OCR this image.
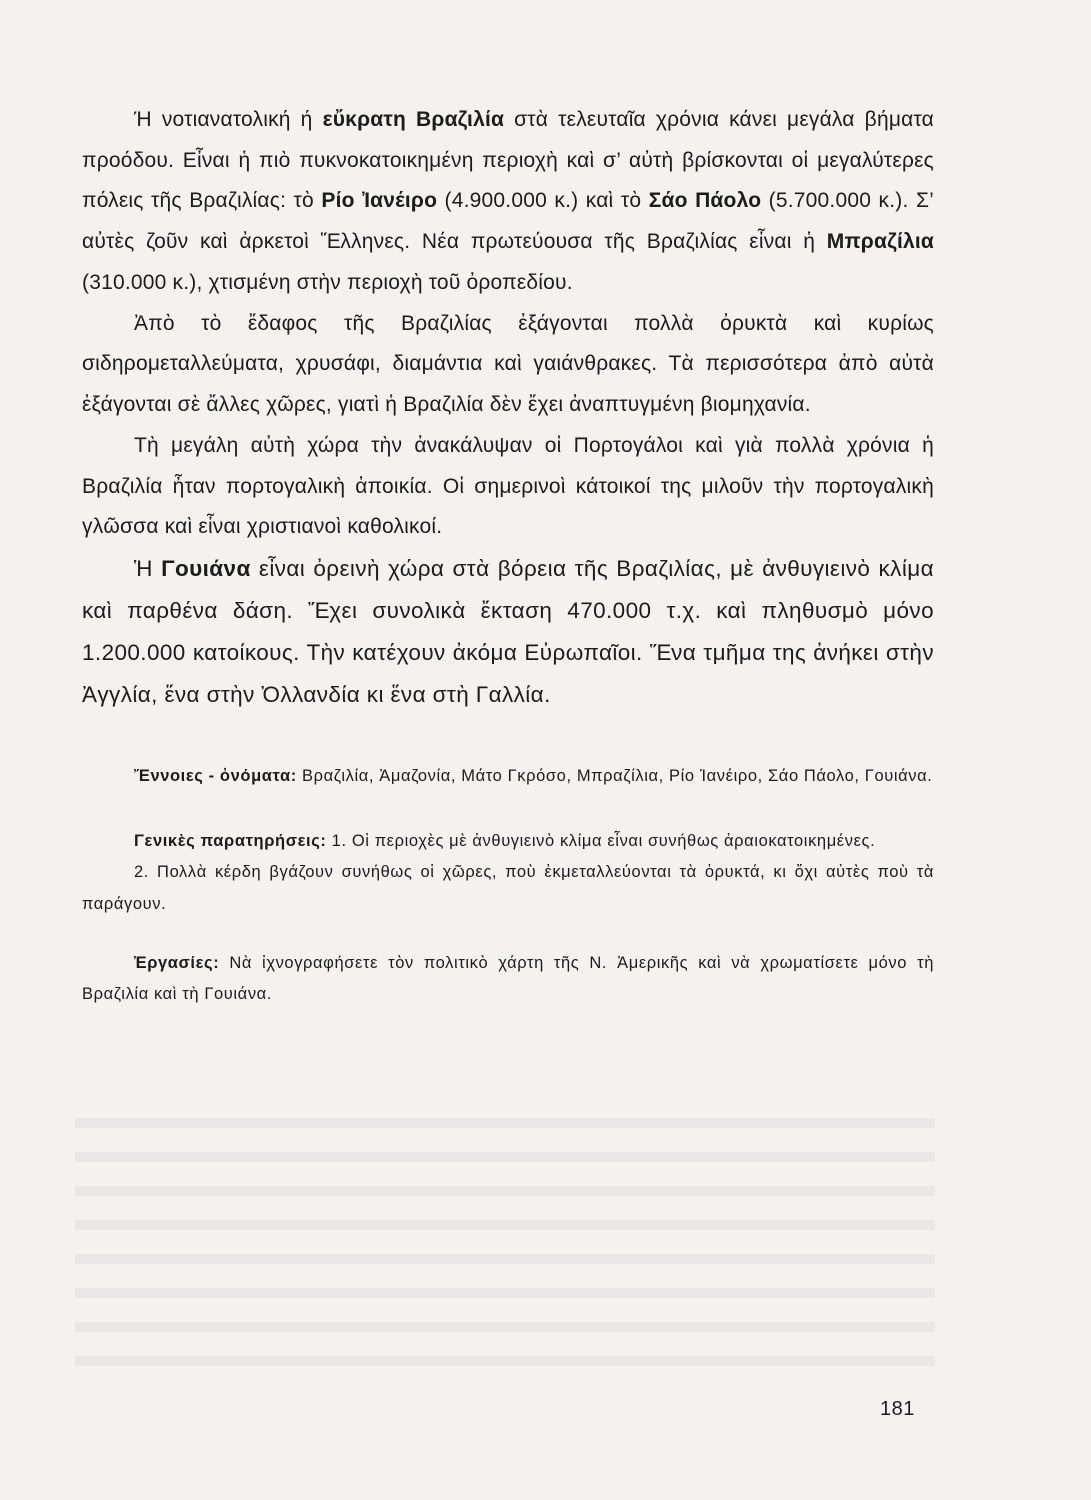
Ή νοτιανατολική ή εὔκρατη Βραζιλία στὰ τελευταῖα χρόνια κάνει μεγάλα βήματα προόδου. Εἶναι ἡ πιὸ πυκνοκατοικημένη περιοχὴ καὶ σ’ αὐτὴ βρίσκονται οἱ μεγαλύτερες πόλεις τῆς Βραζιλίας: τὸ Ρίο Ἰανέιρο (4.900.000 κ.) καὶ τὸ Σάο Πάολο (5.700.000 κ.). Σ’ αὐτὲς ζοῦν καὶ ἀρκετοὶ Ἕλληνες. Νέα πρωτεύουσα τῆς Βραζιλίας εἶναι ἡ Μπραζίλια (310.000 κ.), χτισμένη στὴν περιοχὴ τοῦ ὀροπεδίου.

Ἀπὸ τὸ ἔδαφος τῆς Βραζιλίας ἐξάγονται πολλὰ ὀρυκτὰ καὶ κυρίως σιδηρομεταλλεύματα, χρυσάφι, διαμάντια καὶ γαιάνθρακες. Τὰ περισσότερα ἀπὸ αὐτὰ ἐξάγονται σὲ ἄλλες χῶρες, γιατὶ ἡ Βραζιλία δὲν ἔχει ἀναπτυγμένη βιομηχανία.

Τὴ μεγάλη αὐτὴ χώρα τὴν ἀνακάλυψαν οἱ Πορτογάλοι καὶ γιὰ πολλὰ χρόνια ἡ Βραζιλία ἦταν πορτογαλικὴ ἀποικία. Οἱ σημερινοὶ κάτοικοί της μιλοῦν τὴν πορτογαλικὴ γλῶσσα καὶ εἶναι χριστιανοὶ καθολικοί.

Ἡ Γουιάνα εἶναι ὀρεινὴ χώρα στὰ βόρεια τῆς Βραζιλίας, μὲ ἀνθυγιεινὸ κλίμα καὶ παρθένα δάση. Ἔχει συνολικὰ ἔκταση 470.000 τ.χ. καὶ πληθυσμὸ μόνο 1.200.000 κατοίκους. Τὴν κατέχουν ἀκόμα Εὐρωπαῖοι. Ἕνα τμῆμα της ἀνήκει στὴν Ἀγγλία, ἕνα στὴν Ὀλλανδία κι ἕνα στὴ Γαλλία.

Ἔννοιες - ὀνόματα: Βραζιλία, Ἀμαζονία, Μάτο Γκρόσο, Μπραζίλια, Ρίο Ἰανέιρο, Σάο Πάολο, Γουιάνα.

Γενικὲς παρατηρήσεις: 1. Οἱ περιοχὲς μὲ ἀνθυγιεινὸ κλίμα εἶναι συνήθως ἀραιοκατοικημένες.

2. Πολλὰ κέρδη βγάζουν συνήθως οἱ χῶρες, ποὺ ἐκμεταλλεύονται τὰ ὀρυκτά, κι ὄχι αὐτὲς ποὺ τὰ παράγουν.

Ἐργασίες: Νὰ ἰχνογραφήσετε τὸν πολιτικὸ χάρτη τῆς Ν. Ἀμερικῆς καὶ νὰ χρωματίσετε μόνο τὴ Βραζιλία καὶ τὴ Γουιάνα.

181
